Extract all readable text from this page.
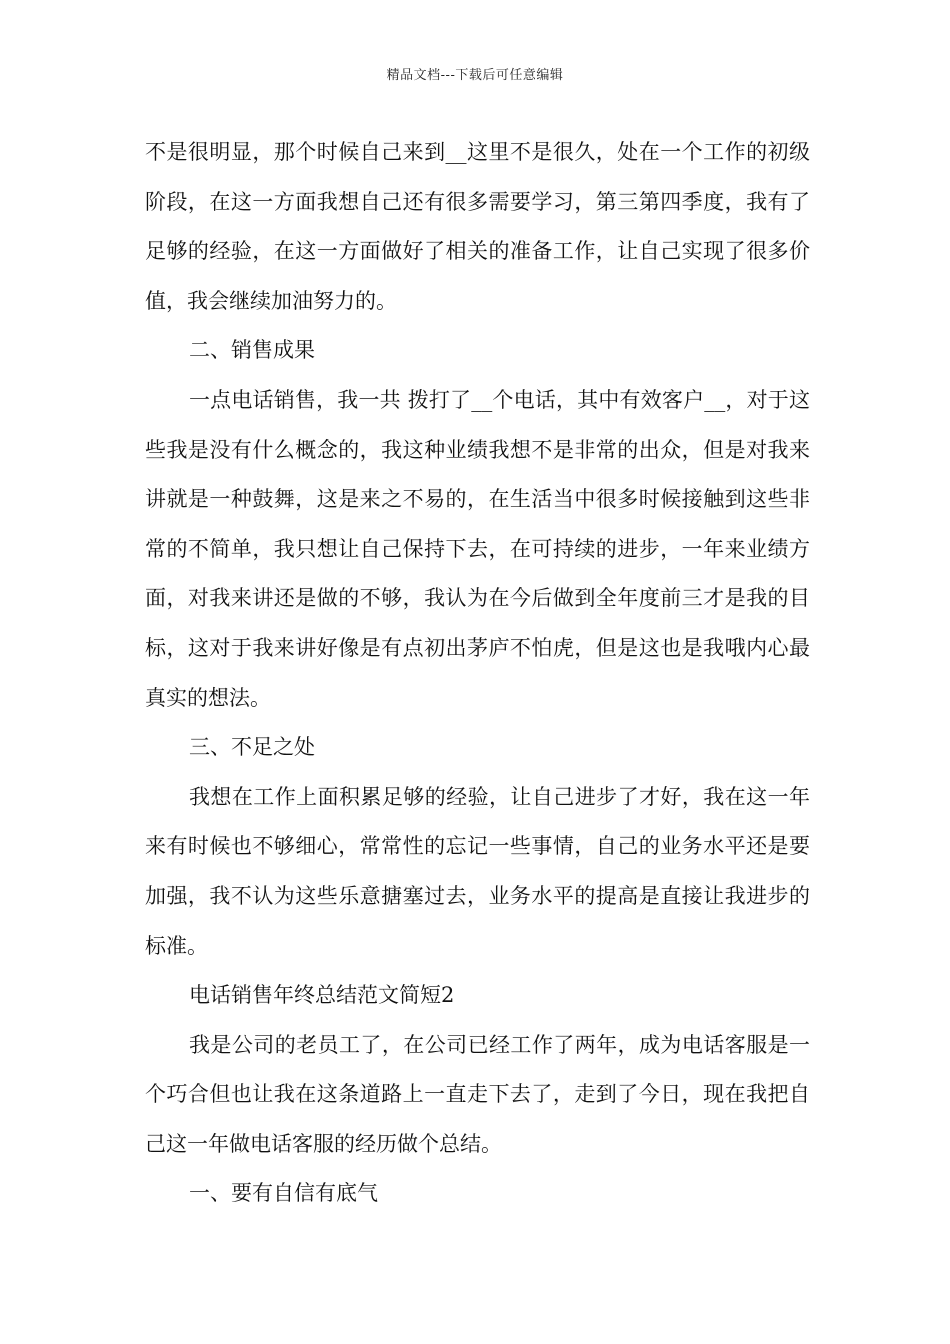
精品文档---下载后可任意编辑

不是很明显，那个时候自己来到__这里不是很久，处在一个工作的初级阶段，在这一方面我想自己还有很多需要学习，第三第四季度，我有了足够的经验，在这一方面做好了相关的准备工作，让自己实现了很多价值，我会继续加油努力的。

二、销售成果

一点电话销售，我一共 拨打了__个电话，其中有效客户__，对于这些我是没有什么概念的，我这种业绩我想不是非常的出众，但是对我来讲就是一种鼓舞，这是来之不易的，在生活当中很多时候接触到这些非常的不简单，我只想让自己保持下去，在可持续的进步，一年来业绩方面，对我来讲还是做的不够，我认为在今后做到全年度前三才是我的目标，这对于我来讲好像是有点初出茅庐不怕虎，但是这也是我哦内心最真实的想法。

三、不足之处

我想在工作上面积累足够的经验，让自己进步了才好，我在这一年来有时候也不够细心，常常性的忘记一些事情，自己的业务水平还是要加强，我不认为这些乐意搪塞过去，业务水平的提高是直接让我进步的标准。

电话销售年终总结范文简短2

我是公司的老员工了，在公司已经工作了两年，成为电话客服是一个巧合但也让我在这条道路上一直走下去了，走到了今日，现在我把自己这一年做电话客服的经历做个总结。

一、要有自信有底气
